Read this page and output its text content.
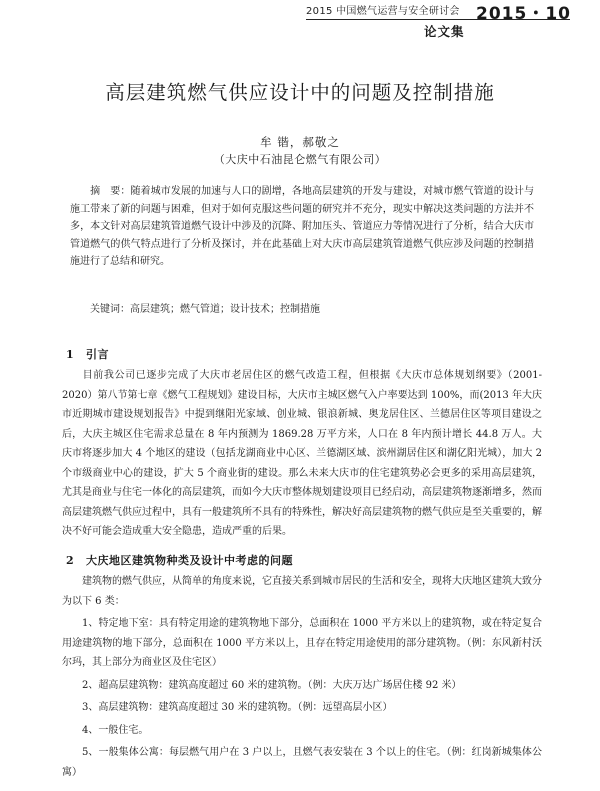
2015 中国燃气运营与安全研讨会 2015・10
论文集
高层建筑燃气供应设计中的问题及控制措施
牟 锴，郝敬之
（大庆中石油昆仑燃气有限公司）
摘　要：随着城市发展的加速与人口的剧增，各地高层建筑的开发与建设，对城市燃气管道的设计与施工带来了新的问题与困难，但对于如何克服这些问题的研究并不充分，现实中解决这类问题的方法并不多，本文针对高层建筑管道燃气设计中涉及的沉降、附加压头、管道应力等情况进行了分析，结合大庆市管道燃气的供气特点进行了分析及探讨，并在此基础上对大庆市高层建筑管道燃气供应涉及问题的控制措施进行了总结和研究。
关键词：高层建筑；燃气管道；设计技术；控制措施
1 引言

目前我公司已逐步完成了大庆市老居住区的燃气改造工程，但根据《大庆市总体规划纲要》（2001-2020）第八节第七章《燃气工程规划》建设目标，大庆市主城区燃气入户率要达到 100%，而(2013 年大庆市近期城市建设规划报告》中提到继阳光家域、创业城、银浪新城、奥龙居住区、兰德居住区等项目建设之后，大庆主城区住宅需求总量在 8 年内预测为 1869.28 万平方米，人口在 8 年内预计增长 44.8 万人。大庆市将逐步加大 4 个地区的建设（包括龙湖商业中心区、兰德湖区域、滨州湖居住区和湖亿阳光城），加大 2 个市级商业中心的建设，扩大 5 个商业街的建设。那么未来大庆市的住宅建筑势必会更多的采用高层建筑，尤其是商业与住宅一体化的高层建筑，而如今大庆市整体规划建设项目已经启动，高层建筑物逐渐增多，然而高层建筑燃气供应过程中，具有一般建筑所不具有的特殊性，解决好高层建筑物的燃气供应是至关重要的，解决不好可能会造成重大安全隐患，造成严重的后果。

2 大庆地区建筑物种类及设计中考虑的问题

建筑物的燃气供应，从简单的角度来说，它直接关系到城市居民的生活和安全，现将大庆地区建筑大致分为以下 6 类：

1、特定地下室：具有特定用途的建筑物地下部分，总面积在 1000 平方米以上的建筑物，或在特定复合用途建筑物的地下部分，总面积在 1000 平方米以上，且存在特定用途使用的部分建筑物。（例：东风新村沃尔玛，其上部分为商业区及住宅区）

2、超高层建筑物：建筑高度超过 60 米的建筑物。（例：大庆万达广场居住楼 92 米）

3、高层建筑物：建筑高度超过 30 米的建筑物。（例：远望高层小区）

4、一般住宅。

5、一般集体公寓：每层燃气用户在 3 户以上，且燃气表安装在 3 个以上的住宅。（例：红岗新城集体公寓）
